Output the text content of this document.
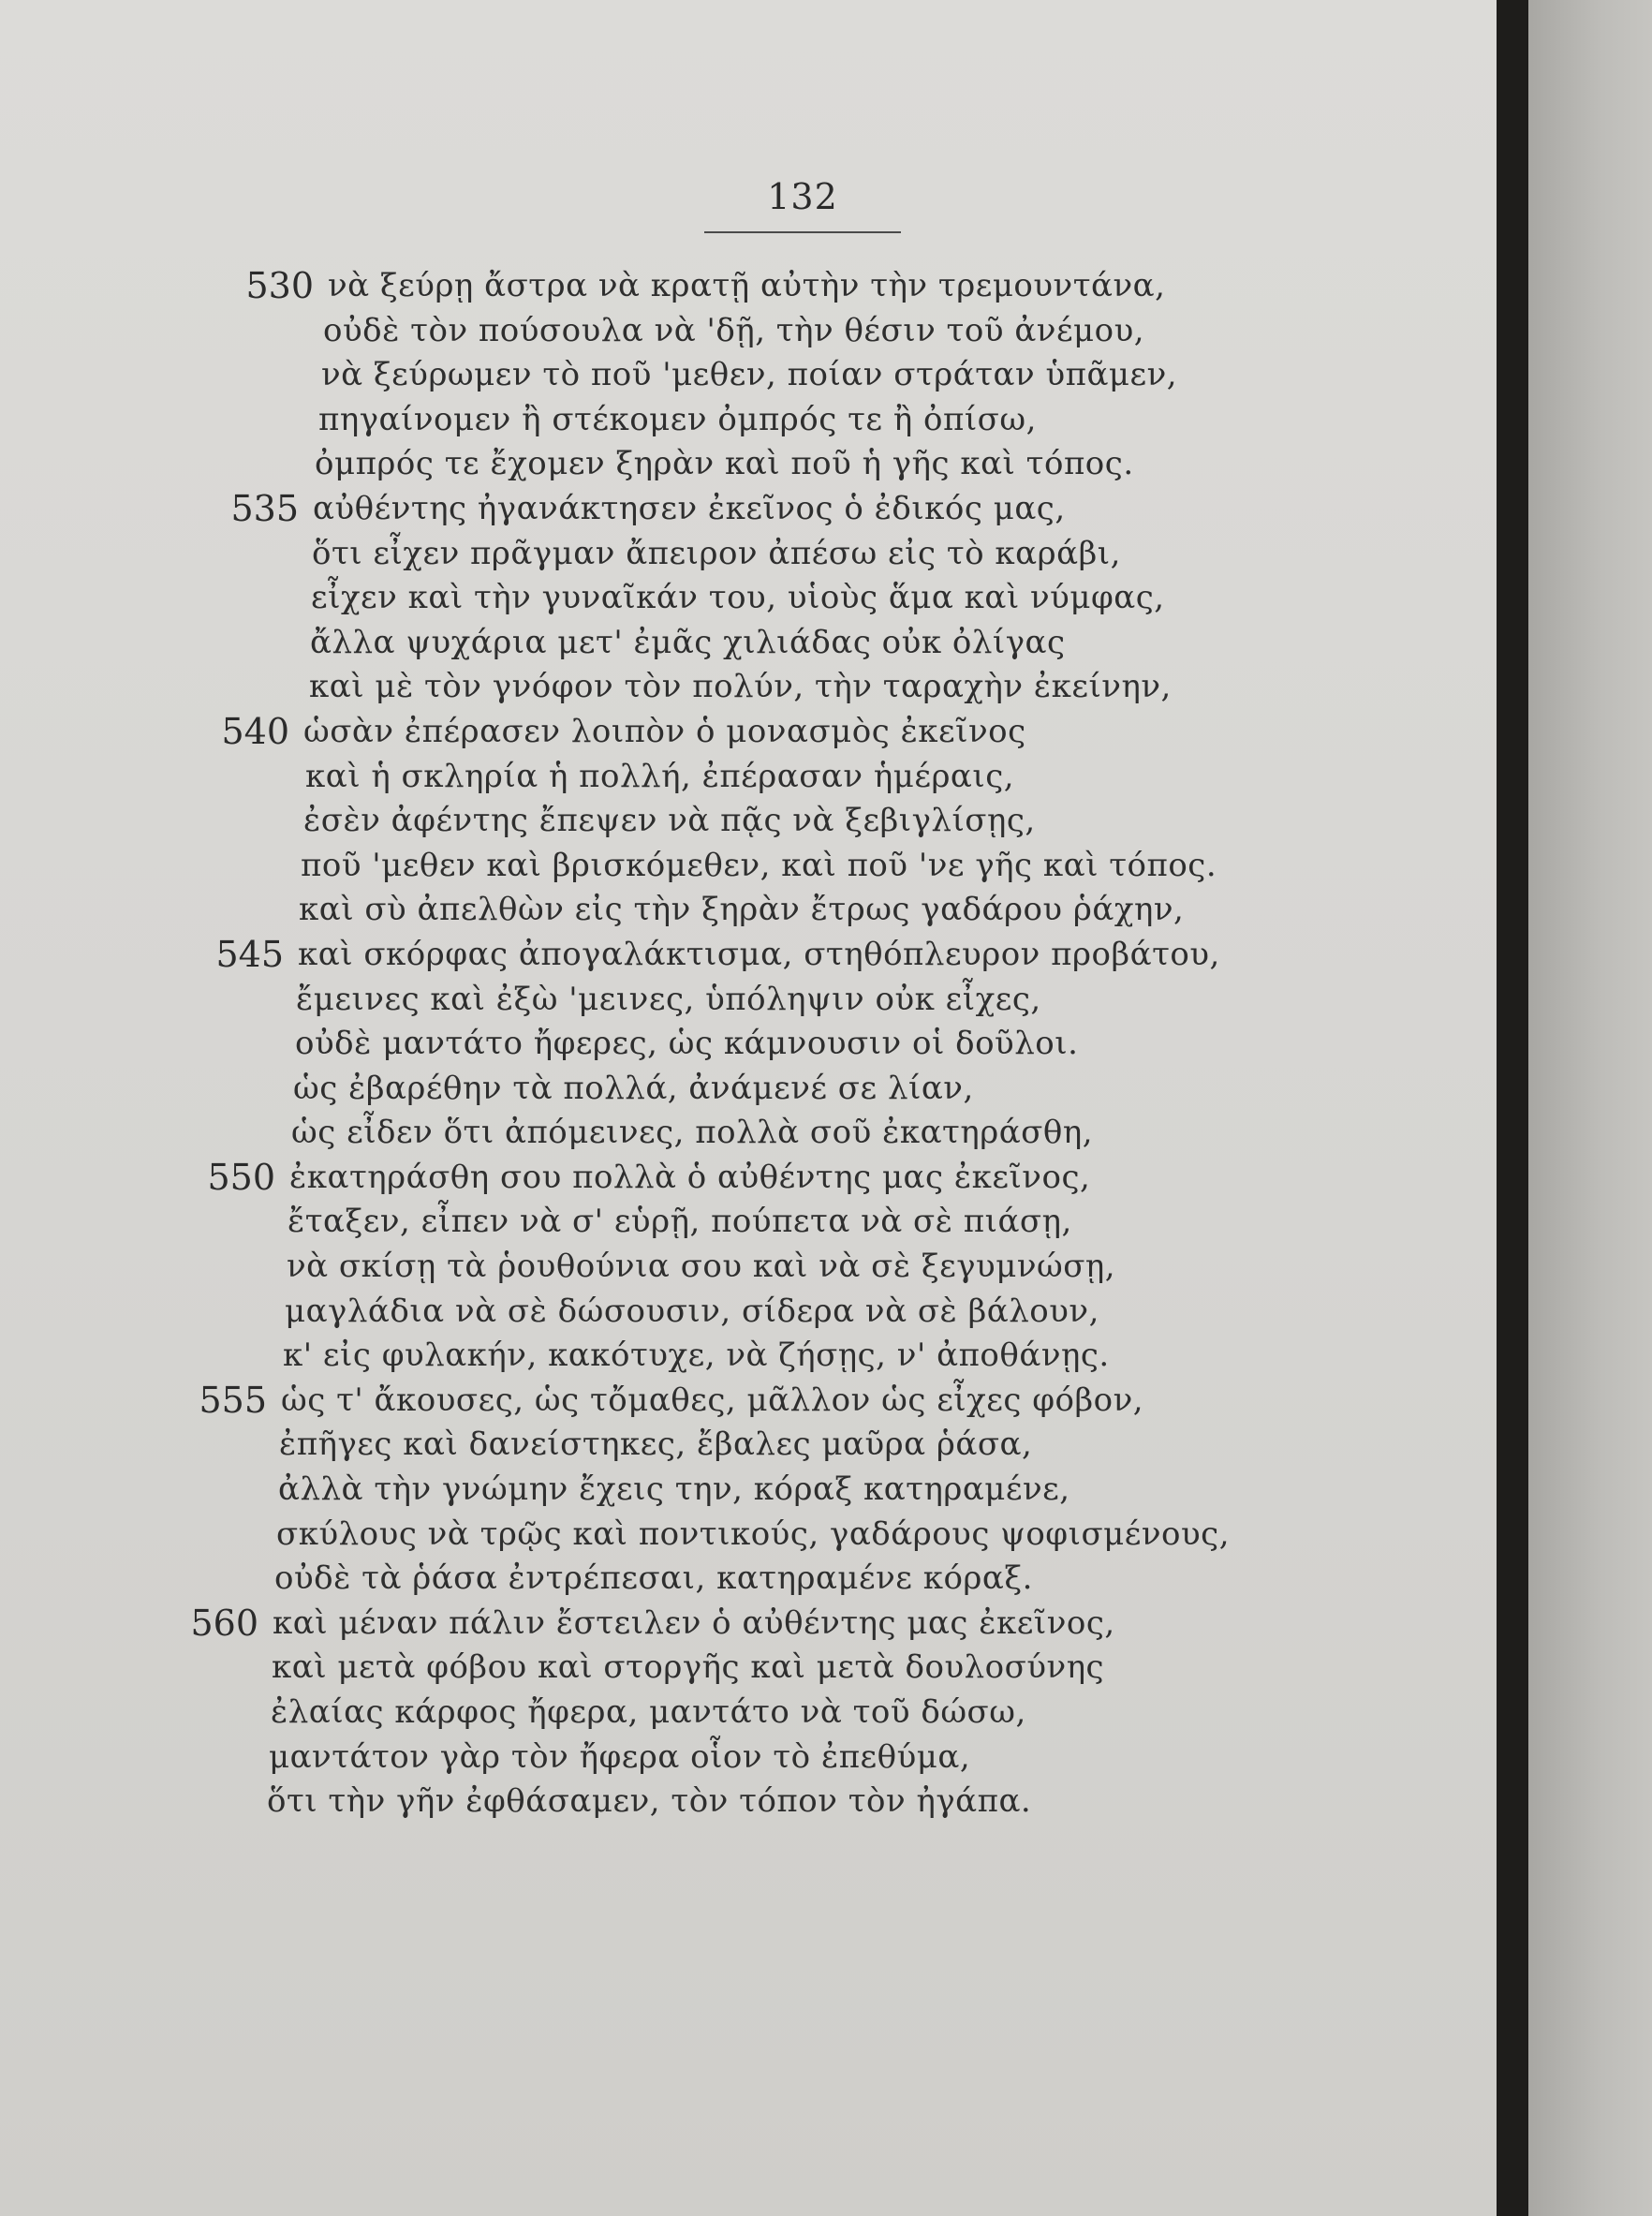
132
530 νὰ ξεύρῃ ἄστρα νὰ κρατῇ αὐτὴν τὴν τρεμουντάνα,
οὐδὲ τὸν πούσουλα νὰ 'δῇ, τὴν θέσιν τοῦ ἀνέμου,
νὰ ξεύρωμεν τὸ ποῦ 'μεθεν, ποίαν στράταν ὑπᾶμεν,
πηγαίνομεν ἢ στέκομεν ὀμπρός τε ἢ ὀπίσω,
ὀμπρός τε ἔχομεν ξηρὰν καὶ ποῦ ἡ γῆς καὶ τόπος.
535 αὐθέντης ἠγανάκτησεν ἐκεῖνος ὁ ἐδικός μας,
ὅτι εἶχεν πρᾶγμαν ἄπειρον ἀπέσω εἰς τὸ καράβι,
εἶχεν καὶ τὴν γυναῖκάν του, υἱοὺς ἅμα καὶ νύμφας,
ἄλλα ψυχάρια μετ' ἐμᾶς χιλιάδας οὐκ ὀλίγας
καὶ μὲ τὸν γνόφον τὸν πολύν, τὴν ταραχὴν ἐκείνην,
540 ὡσὰν ἐπέρασεν λοιπὸν ὁ μονασμὸς ἐκεῖνος
καὶ ἡ σκληρία ἡ πολλή, ἐπέρασαν ἡμέραις,
ἐσὲν ἀφέντης ἔπεψεν νὰ πᾷς νὰ ξεβιγλίσῃς,
ποῦ 'μεθεν καὶ βρισκόμεθεν, καὶ ποῦ 'νε γῆς καὶ τόπος.
καὶ σὺ ἀπελθὼν εἰς τὴν ξηρὰν ἔτρως γαδάρου ῥάχην,
545 καὶ σκόρφας ἀπογαλάκτισμα, στηθόπλευρον προβάτου,
ἔμεινες καὶ ἐξὼ 'μεινες, ὑπόληψιν οὐκ εἶχες,
οὐδὲ μαντάτο ἤφερες, ὡς κάμνουσιν οἱ δοῦλοι.
ὡς ἐβαρέθην τὰ πολλά, ἀνάμενέ σε λίαν,
ὡς εἶδεν ὅτι ἀπόμεινες, πολλὰ σοῦ ἐκατηράσθη,
550 ἐκατηράσθη σου πολλὰ ὁ αὐθέντης μας ἐκεῖνος,
ἔταξεν, εἶπεν νὰ σ' εὑρῇ, πούπετα νὰ σὲ πιάσῃ,
νὰ σκίσῃ τὰ ῥουθούνια σου καὶ νὰ σὲ ξεγυμνώσῃ,
μαγλάδια νὰ σὲ δώσουσιν, σίδερα νὰ σὲ βάλουν,
κ' εἰς φυλακήν, κακότυχε, νὰ ζήσῃς, ν' ἀποθάνῃς.
555 ὡς τ' ἄκουσες, ὡς τὄμαθες, μᾶλλον ὡς εἶχες φόβον,
ἐπῆγες καὶ δανείστηκες, ἔβαλες μαῦρα ῥάσα,
ἀλλὰ τὴν γνώμην ἔχεις την, κόραξ κατηραμένε,
σκύλους νὰ τρῷς καὶ ποντικούς, γαδάρους ψοφισμένους,
οὐδὲ τὰ ῥάσα ἐντρέπεσαι, κατηραμένε κόραξ.
560 καὶ μέναν πάλιν ἔστειλεν ὁ αὐθέντης μας ἐκεῖνος,
καὶ μετὰ φόβου καὶ στοργῆς καὶ μετὰ δουλοσύνης
ἐλαίας κάρφος ἤφερα, μαντάτο νὰ τοῦ δώσω,
μαντάτον γὰρ τὸν ἤφερα οἷον τὸ ἐπεθύμα,
ὅτι τὴν γῆν ἐφθάσαμεν, τὸν τόπον τὸν ἠγάπα.
